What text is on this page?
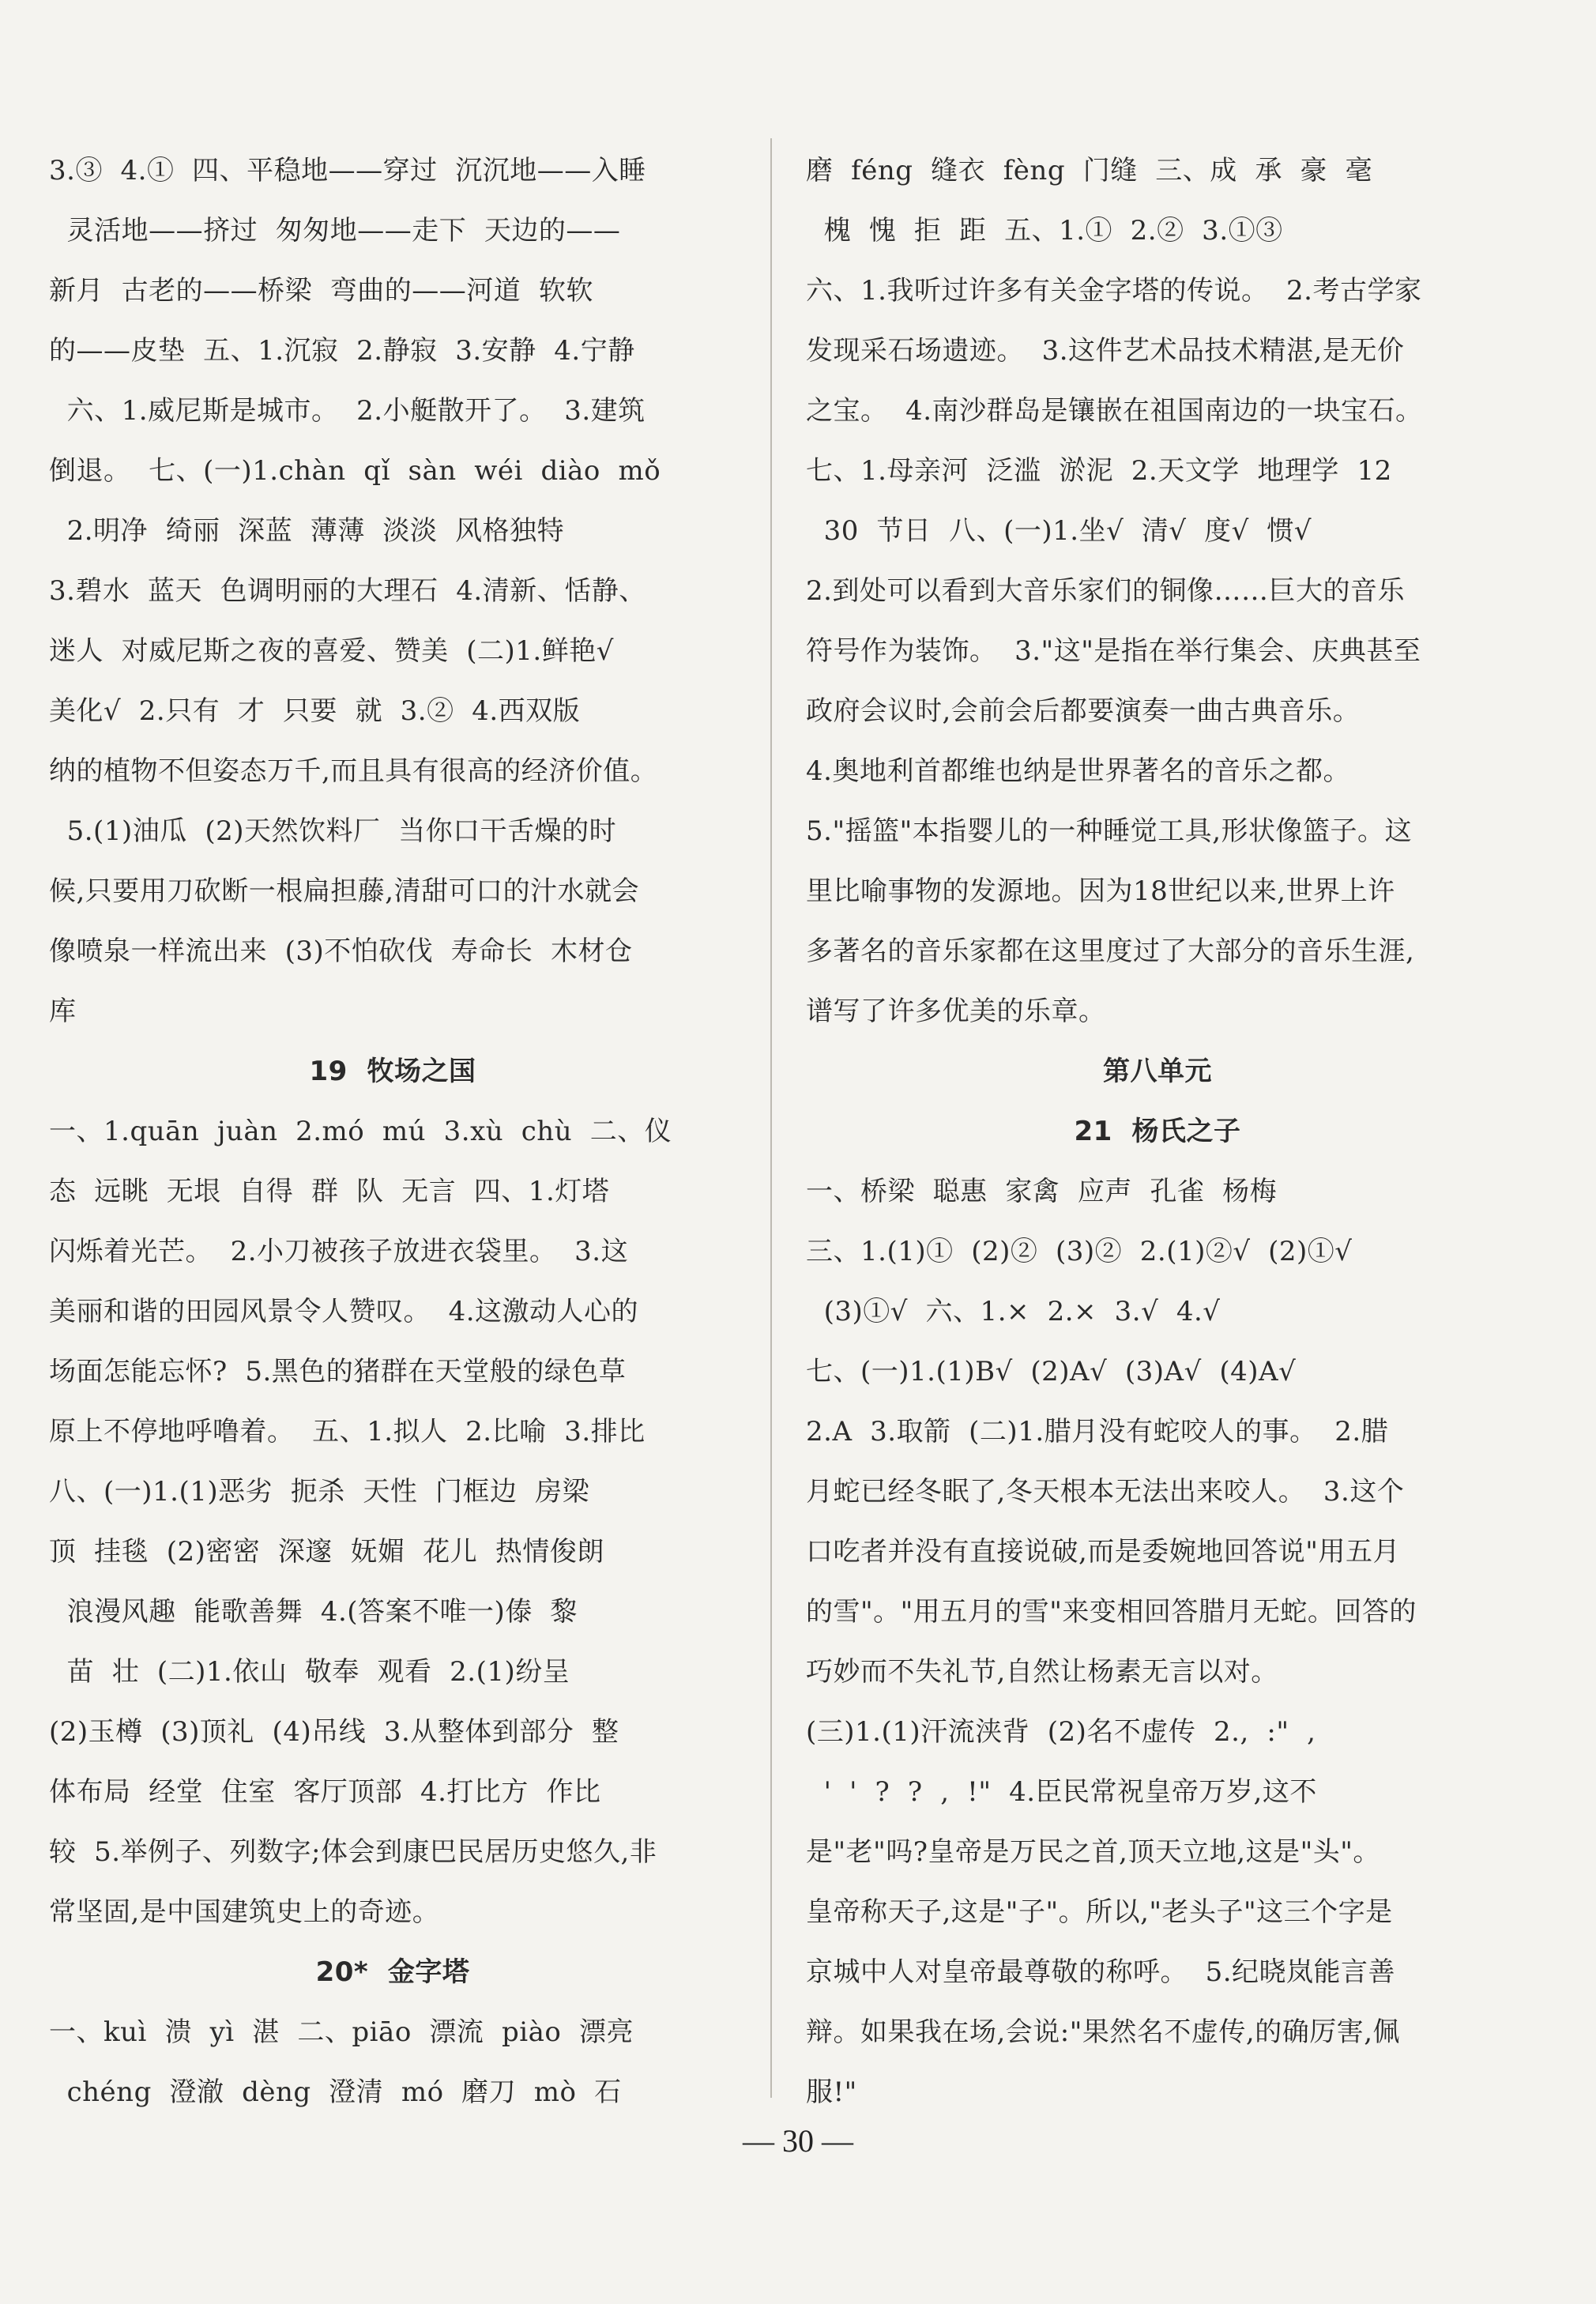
3.③  4.①  四、平稳地——穿过  沉沉地——入睡
灵活地——挤过  匆匆地——走下  天边的——
新月  古老的——桥梁  弯曲的——河道  软软
的——皮垫  五、1.沉寂  2.静寂  3.安静  4.宁静
六、1.威尼斯是城市。  2.小艇散开了。  3.建筑
倒退。  七、(一)1.chàn  qǐ  sàn  wéi  diào  mǒ
2.明净  绮丽  深蓝  薄薄  淡淡  风格独特
3.碧水  蓝天  色调明丽的大理石  4.清新、恬静、
迷人  对威尼斯之夜的喜爱、赞美  (二)1.鲜艳√
美化√  2.只有  才  只要  就  3.②  4.西双版
纳的植物不但姿态万千,而且具有很高的经济价值。
5.(1)油瓜  (2)天然饮料厂  当你口干舌燥的时
候,只要用刀砍断一根扁担藤,清甜可口的汁水就会
像喷泉一样流出来  (3)不怕砍伐  寿命长  木材仓
库
19  牧场之国
一、1.quān  juàn  2.mó  mú  3.xù  chù  二、仪
态  远眺  无垠  自得  群  队  无言  四、1.灯塔
闪烁着光芒。  2.小刀被孩子放进衣袋里。  3.这
美丽和谐的田园风景令人赞叹。  4.这激动人心的
场面怎能忘怀?  5.黑色的猪群在天堂般的绿色草
原上不停地呼噜着。  五、1.拟人  2.比喻  3.排比
八、(一)1.(1)恶劣  扼杀  天性  门框边  房梁
顶  挂毯  (2)密密  深邃  妩媚  花儿  热情俊朗
浪漫风趣  能歌善舞  4.(答案不唯一)傣  黎
苗  壮  (二)1.依山  敬奉  观看  2.(1)纷呈
(2)玉樽  (3)顶礼  (4)吊线  3.从整体到部分  整
体布局  经堂  住室  客厅顶部  4.打比方  作比
较  5.举例子、列数字;体会到康巴民居历史悠久,非
常坚固,是中国建筑史上的奇迹。
20*  金字塔
一、kuì  溃  yì  湛  二、piāo  漂流  piào  漂亮
chéng  澄澈  dèng  澄清  mó  磨刀  mò  石
磨  féng  缝衣  fèng  门缝  三、成  承  豪  毫
槐  愧  拒  距  五、1.①  2.②  3.①③
六、1.我听过许多有关金字塔的传说。  2.考古学家
发现采石场遗迹。  3.这件艺术品技术精湛,是无价
之宝。  4.南沙群岛是镶嵌在祖国南边的一块宝石。
七、1.母亲河  泛滥  淤泥  2.天文学  地理学  12
30  节日  八、(一)1.坐√  清√  度√  惯√
2.到处可以看到大音乐家们的铜像……巨大的音乐
符号作为装饰。  3."这"是指在举行集会、庆典甚至
政府会议时,会前会后都要演奏一曲古典音乐。
4.奥地利首都维也纳是世界著名的音乐之都。
5."摇篮"本指婴儿的一种睡觉工具,形状像篮子。这
里比喻事物的发源地。因为18世纪以来,世界上许
多著名的音乐家都在这里度过了大部分的音乐生涯,
谱写了许多优美的乐章。
第八单元
21  杨氏之子
一、桥梁  聪惠  家禽  应声  孔雀  杨梅
三、1.(1)①  (2)②  (3)②  2.(1)②√  (2)①√
(3)①√  六、1.×  2.×  3.√  4.√
七、(一)1.(1)B√  (2)A√  (3)A√  (4)A√
2.A  3.取箭  (二)1.腊月没有蛇咬人的事。  2.腊
月蛇已经冬眠了,冬天根本无法出来咬人。  3.这个
口吃者并没有直接说破,而是委婉地回答说"用五月
的雪"。"用五月的雪"来变相回答腊月无蛇。回答的
巧妙而不失礼节,自然让杨素无言以对。
(三)1.(1)汗流浃背  (2)名不虚传  2.,  :"  ,
'  '  ?  ?  ,  !"  4.臣民常祝皇帝万岁,这不
是"老"吗?皇帝是万民之首,顶天立地,这是"头"。
皇帝称天子,这是"子"。所以,"老头子"这三个字是
京城中人对皇帝最尊敬的称呼。  5.纪晓岚能言善
辩。如果我在场,会说:"果然名不虚传,的确厉害,佩
服!"
— 30 —
